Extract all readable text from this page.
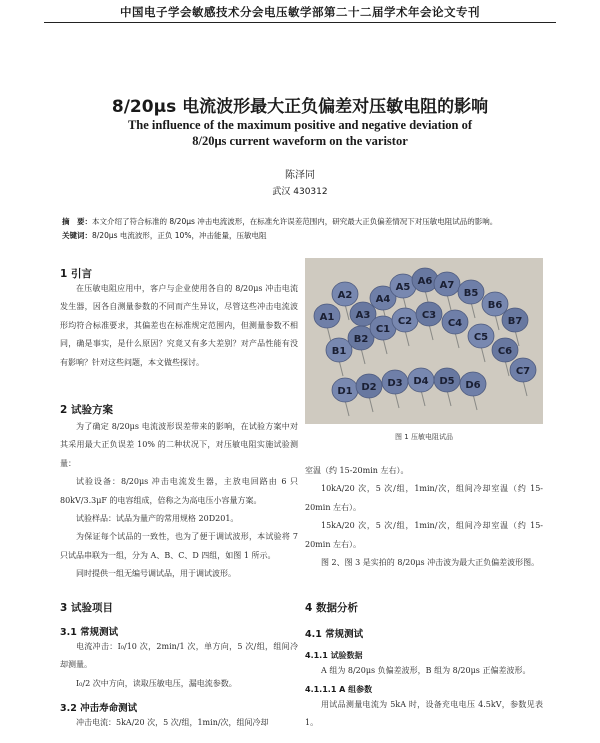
中国电子学会敏感技术分会电压敏学部第二十二届学术年会论文专刊
8/20μs 电流波形最大正负偏差对压敏电阻的影响
The influence of the maximum positive and negative deviation of
8/20μs current waveform on the varistor
陈泽同
武汉 430312
摘　要：本文介绍了符合标准的 8/20μs 冲击电流波形，在标准允许误差范围内，研究最大正负偏差情况下对压敏电阻试品的影响。
关键词：8/20μs 电流波形，正负 10%，冲击能量，压敏电阻
1 引言

在压敏电阻应用中，客户与企业使用各自的 8/20μs 冲击电流发生器，因各自测量参数的不同而产生异议，尽管这些冲击电流波形均符合标准要求，其偏差也在标准规定范围内，但测量参数不相同，确是事实，是什么原因？究竟又有多大差别？对产品性能有没有影响？针对这些问题，本文做些探讨。

2 试验方案

为了确定 8/20μs 电流波形误差带来的影响，在试验方案中对其采用最大正负误差 10% 的二种状况下，对压敏电阻实施试验测量：

试验设备：8/20μs 冲击电流发生器，主放电回路由 6 只 80kV/3.3μF 的电容组成，倍称之为高电压小容量方案。

试验样品：试品为量产的常用规格 20D201。

为保证每个试品的一致性，也为了便于调试波形，本试验将 7 只试品串联为一组，分为 A、B、C、D 四组，如图 1 所示。

同时提供一组无编号调试品，用于调试波形。

3 试验项目
3.1 常规测试

电流冲击：I₀/10 次，2min/1 次，单方向，5 次/组，组间冷却测量。

I₀/2 次中方向，读取压敏电压，漏电流参数。

3.2 冲击寿命测试

冲击电流：5kA/20 次，5 次/组，1min/次，组间冷却

A1
A2
A3
A4
A5
A6 A7
B1
B2
B5
B6
B7
C1
C2
C3
C4
C5
C6
C7
D1 D2 D3 D4 D5 D6
图 1 压敏电阻试品

室温（约 15-20min 左右）。

10kA/20 次，5 次/组，1min/次，组间冷却室温（约 15-20min 左右）。

15kA/20 次，5 次/组，1min/次，组间冷却室温（约 15-20min 左右）。

图 2、图 3 是实拍的 8/20μs 冲击波为最大正负偏差波形图。

4 数据分析
4.1 常规测试
4.1.1 试验数据

A 组为 8/20μs 负偏差波形，B 组为 8/20μs 正偏差波形。

4.1.1.1 A 组参数

用试品测量电流为 5kA 时，设备充电电压 4.5kV，参数见表 1。
